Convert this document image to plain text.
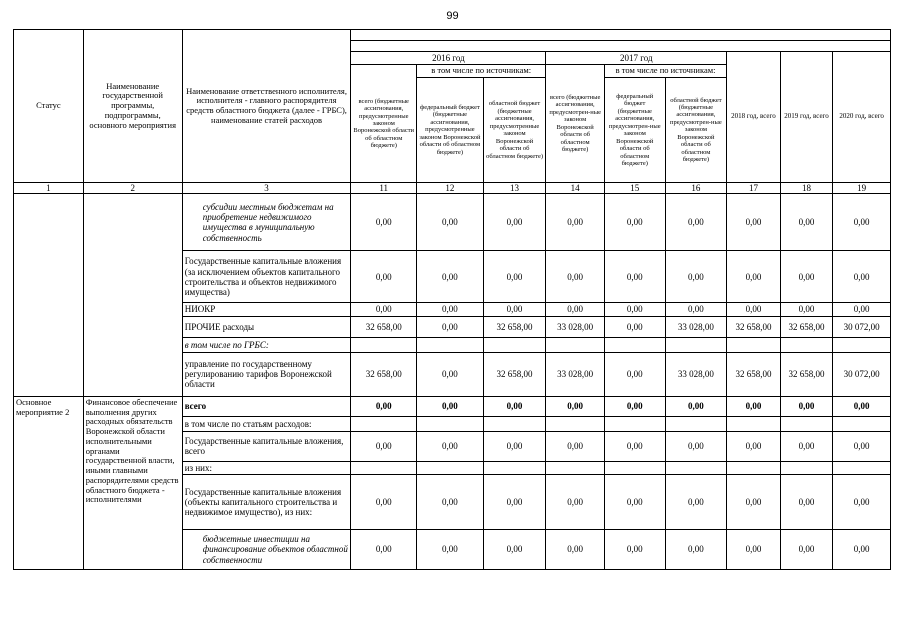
99
Статус	Наименование государственной программы, подпрограммы, основного мероприятия	Наименование ответственного исполнителя, исполнителя - главного распорядителя средств областного бюджета (далее - ГРБС), наименование статей расходов									

			2016 год			2017 год			2018 год, всего	2019 год, всего	2020 год, всего
			всего (бюджетные ассигнования, предусмотренные законом Воронежской области об областном бюджете)	в том числе по источникам:		всего (бюджетные ассигнования, предусмотрен-ные законом Воронежской области об областном бюджете)	в том числе по источникам:				
				федеральный бюджет (бюджетные ассигнования, предусмотренные законом Воронежской области об областном бюджете)	областной бюджет (бюджетные ассигнования, предусмотренные законом Воронежской области об областном бюджете)		федеральный бюджет (бюджетные ассигнования, предусмотрен-ные законом Воронежской области об областном бюджете)	областной бюджет (бюджетные ассигнования, предусмотрен-ные законом Воронежской области об областном бюджете)			
1	2	3	11	12	13	14	15	16	17	18	19
		субсидии местным бюджетам на приобретение недвижимого имущества в муниципальную собственность	0,00	0,00	0,00	0,00	0,00	0,00	0,00	0,00	0,00
		Государственные капитальные вложения (за исключением объектов капитального строительства и объектов недвижимого имущества)	0,00	0,00	0,00	0,00	0,00	0,00	0,00	0,00	0,00
		НИОКР	0,00	0,00	0,00	0,00	0,00	0,00	0,00	0,00	0,00
		ПРОЧИЕ расходы	32 658,00	0,00	32 658,00	33 028,00	0,00	33 028,00	32 658,00	32 658,00	30 072,00
		в том числе по ГРБС:									
		управление по государственному регулированию тарифов Воронежской области	32 658,00	0,00	32 658,00	33 028,00	0,00	33 028,00	32 658,00	32 658,00	30 072,00
Основное мероприятие 2	Финансовое обеспечение выполнения других расходных обязательств Воронежской области исполнительными органами государственной власти, иными главными распорядителями средств областного бюджета - исполнителями	всего	0,00	0,00	0,00	0,00	0,00	0,00	0,00	0,00	0,00
		в том числе по статьям расходов:									
		Государственные капитальные вложения, всего	0,00	0,00	0,00	0,00	0,00	0,00	0,00	0,00	0,00
		из них:									
		Государственные капитальные вложения (объекты капитального строительства и недвижимое имущество), из них:	0,00	0,00	0,00	0,00	0,00	0,00	0,00	0,00	0,00
		бюджетные инвестиции на финансирование объектов областной собственности	0,00	0,00	0,00	0,00	0,00	0,00	0,00	0,00	0,00
